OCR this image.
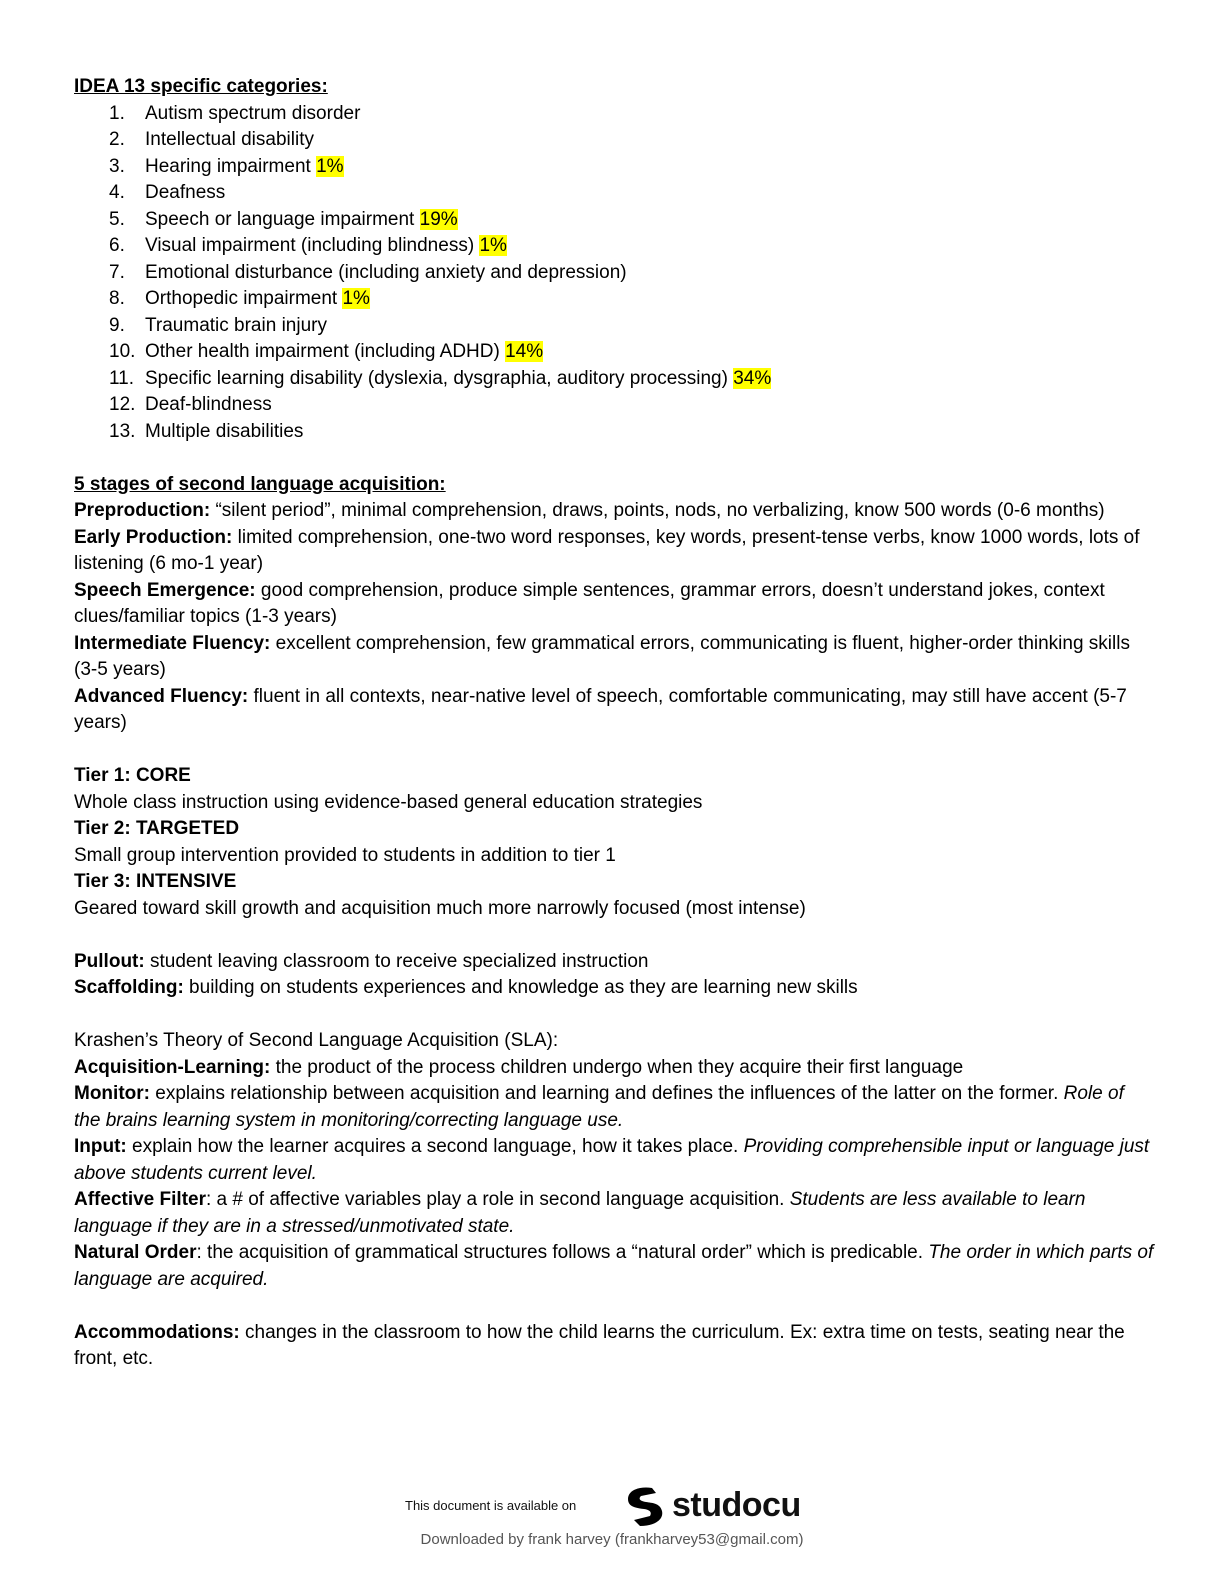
IDEA 13 specific categories:
1.	Autism spectrum disorder
2.	Intellectual disability
3.	Hearing impairment 1%
4.	Deafness
5.	Speech or language impairment 19%
6.	Visual impairment (including blindness) 1%
7.	Emotional disturbance (including anxiety and depression)
8.	Orthopedic impairment 1%
9.	Traumatic brain injury
10. Other health impairment (including ADHD) 14%
11. Specific learning disability (dyslexia, dysgraphia, auditory processing) 34%
12. Deaf-blindness
13. Multiple disabilities
5 stages of second language acquisition:

Preproduction: “silent period”, minimal comprehension, draws, points, nods, no verbalizing, know 500 words (0-6 months)

Early Production: limited comprehension, one-two word responses, key words, present-tense verbs, know 1000 words, lots of listening (6 mo-1 year)

Speech Emergence: good comprehension, produce simple sentences, grammar errors, doesn’t understand jokes, context clues/familiar topics (1-3 years)

Intermediate Fluency: excellent comprehension, few grammatical errors, communicating is fluent, higher-order thinking skills (3-5 years)

Advanced Fluency: fluent in all contexts, near-native level of speech, comfortable communicating, may still have accent (5-7 years)

Tier 1: CORE

Whole class instruction using evidence-based general education strategies

Tier 2: TARGETED

Small group intervention provided to students in addition to tier 1

Tier 3: INTENSIVE

Geared toward skill growth and acquisition much more narrowly focused (most intense)

Pullout: student leaving classroom to receive specialized instruction

Scaffolding: building on students experiences and knowledge as they are learning new skills

Krashen’s Theory of Second Language Acquisition (SLA):

Acquisition-Learning: the product of the process children undergo when they acquire their first language

Monitor: explains relationship between acquisition and learning and defines the influences of the latter on the former. Role of the brains learning system in monitoring/correcting language use.

Input: explain how the learner acquires a second language, how it takes place. Providing comprehensible input or language just above students current level.

Affective Filter: a # of affective variables play a role in second language acquisition. Students are less available to learn language if they are in a stressed/unmotivated state.

Natural Order: the acquisition of grammatical structures follows a “natural order” which is predicable. The order in which parts of language are acquired.

Accommodations: changes in the classroom to how the child learns the curriculum. Ex: extra time on tests, seating near the front, etc.

This document is available on	studocu
Downloaded by frank harvey (frankharvey53@gmail.com)
